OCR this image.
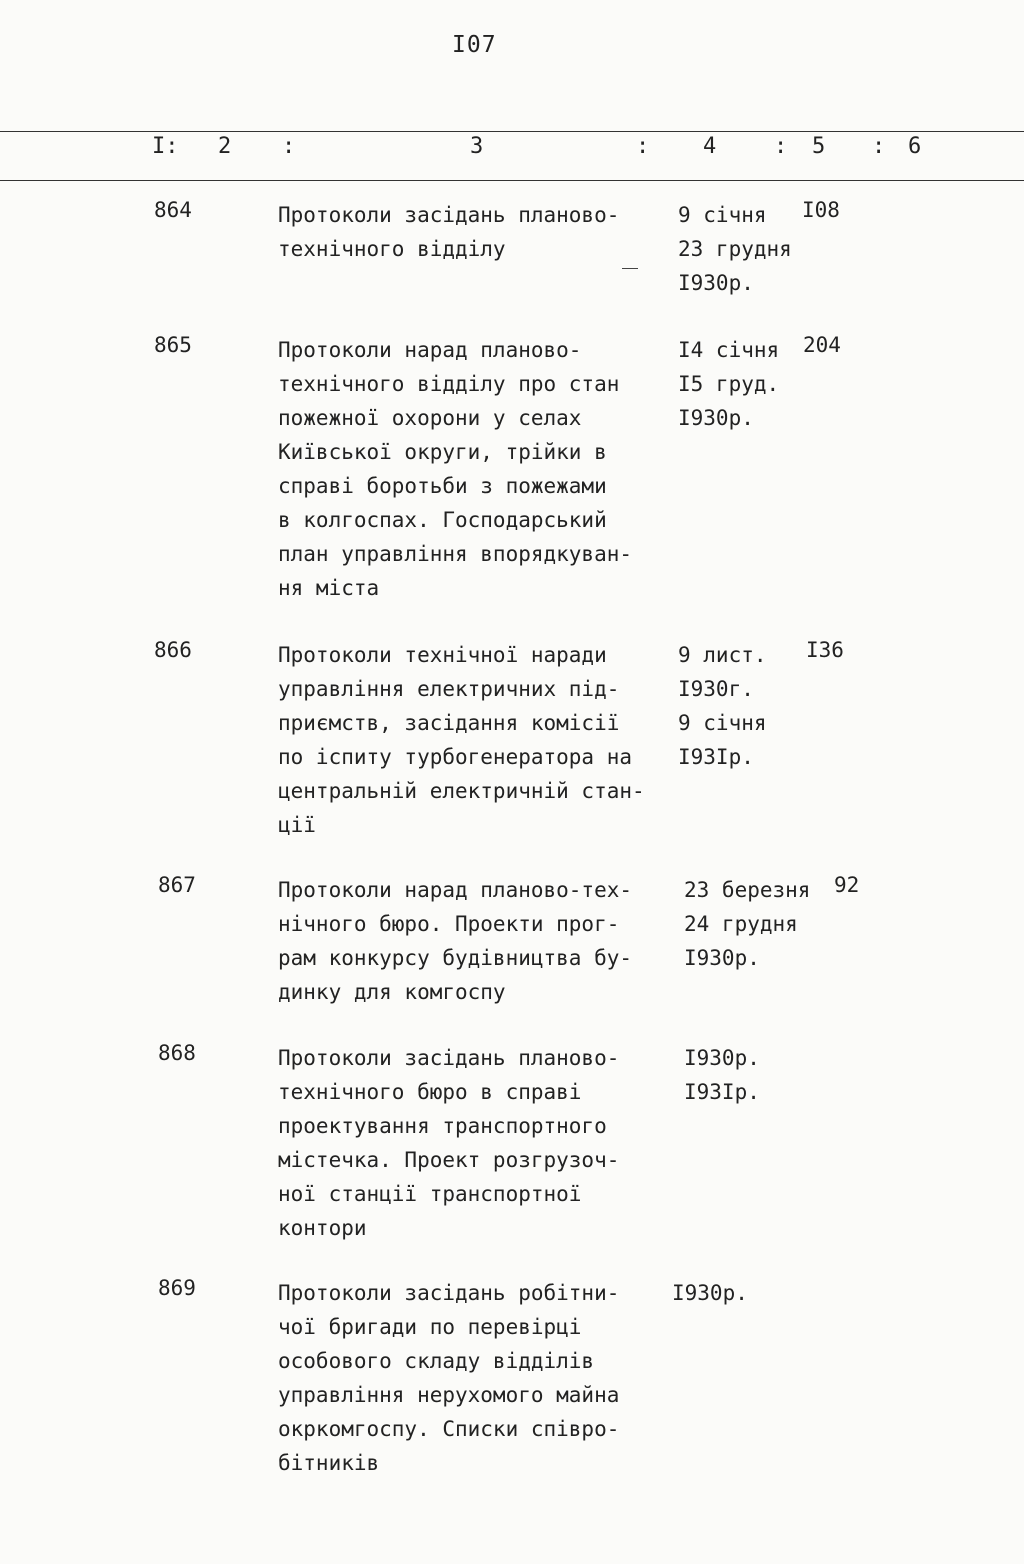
I07
I: 2 :	3	: 4	: 5 : 6
864	Протоколи засідань планово-
технічного відділу
9 січня
23 грудня
I930р.
I08
865	Протоколи нарад планово-
технічного відділу про стан
пожежної охорони у селах
Київської округи, трійки в
справі боротьби з пожежами
в колгоспах. Господарський
план управління впорядкуван-
ня міста
I4 січня
I5 груд.
I930р.
204
866	Протоколи технічної наради
управління електричних під-
приємств, засідання комісії
по іспиту турбогенератора на
центральній електричній стан-
ції
9 лист.
I930г.
9 січня
I93Iр.
I36
867	Протоколи нарад планово-тех-
нічного бюро. Проекти прог-
рам конкурсу будівництва бу-
динку для комгоспу
23 березня
24 грудня
I930р.
92
868	Протоколи засідань планово-
технічного бюро в справі
проектування транспортного
містечка. Проект розгрузоч-
ної станції транспортної
контори
I930р.
I93Iр.
869	Протоколи засідань робітни-
чої бригади по перевірці
особового складу відділів
управління нерухомого майна
окркомгоспу. Списки співро-
бітників
I930р.
